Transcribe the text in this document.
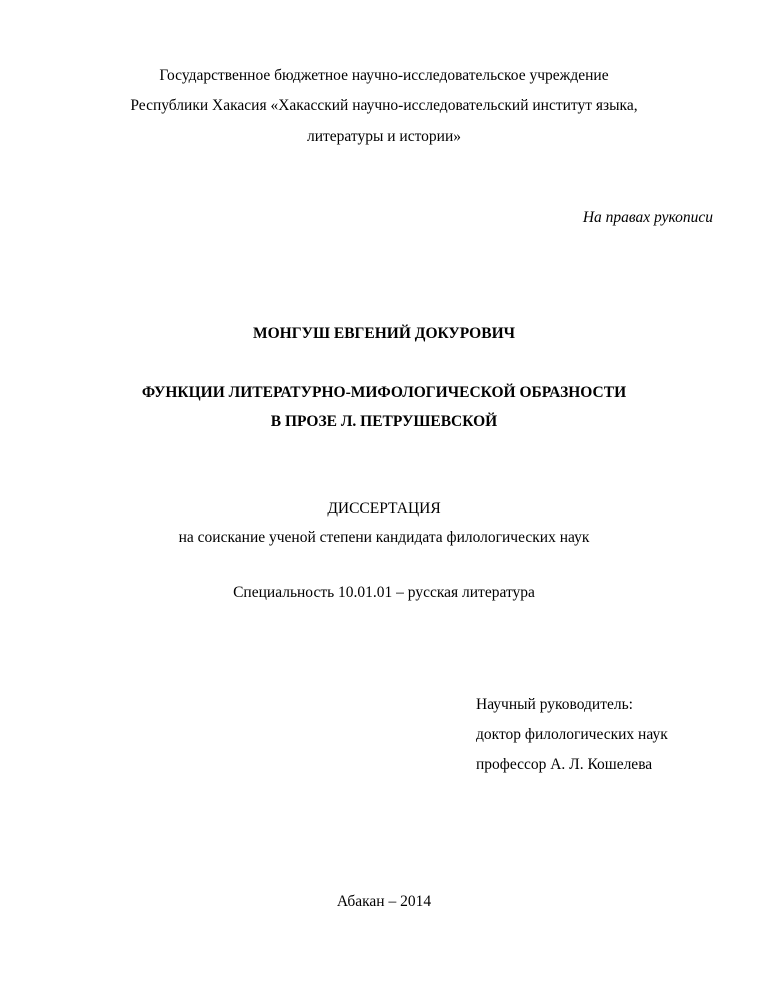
Государственное бюджетное научно-исследовательское учреждение
Республики Хакасия «Хакасский научно-исследовательский институт языка,
литературы и истории»
На правах рукописи
МОНГУШ ЕВГЕНИЙ ДОКУРОВИЧ
ФУНКЦИИ ЛИТЕРАТУРНО-МИФОЛОГИЧЕСКОЙ ОБРАЗНОСТИ
В ПРОЗЕ Л. ПЕТРУШЕВСКОЙ
ДИССЕРТАЦИЯ
на соискание ученой степени кандидата филологических наук
Специальность 10.01.01 – русская литература
Научный руководитель:
доктор филологических наук
профессор А. Л. Кошелева
Абакан – 2014
